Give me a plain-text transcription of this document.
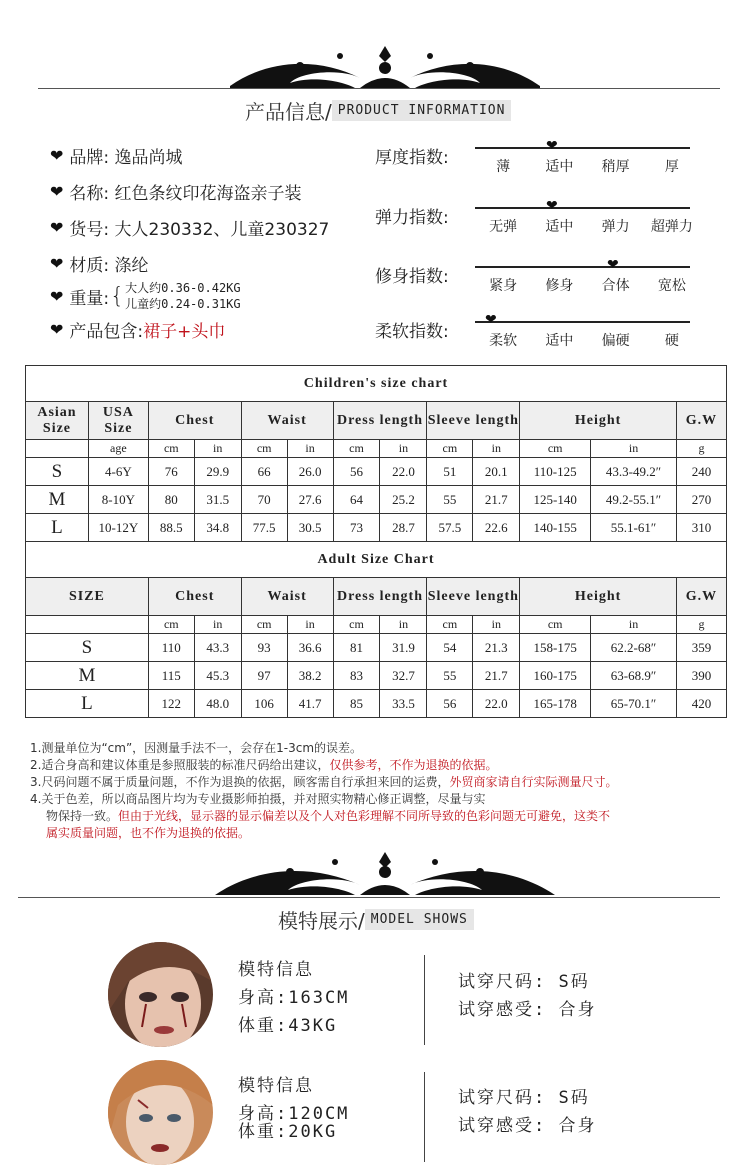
产品信息/ PRODUCT INFORMATION
❤ 品牌: 逸品尚城
❤ 名称: 红色条纹印花海盗亲子装
❤ 货号: 大人230332、儿童230327
❤ 材质: 涤纶
❤ 重量: { 大人约0.36-0.42KG
儿童约0.24-0.31KG
❤ 产品包含: 裙子+头巾
厚度指数:
❤
薄	适中	稍厚	厚
弹力指数:
❤
无弹	适中	弹力	超弹力
修身指数:
❤
紧身	修身	合体	宽松
柔软指数:
❤
柔软	适中	偏硬	硬
Children's size chart												
Asian Size	USA Size	Chest		Waist		Dress length		Sleeve length		Height		G.W
	age	cm	in	cm	in	cm	in	cm	in	cm	in	g
S	4-6Y	76	29.9	66	26.0	56	22.0	51	20.1	110-125	43.3-49.2″	240
M	8-10Y	80	31.5	70	27.6	64	25.2	55	21.7	125-140	49.2-55.1″	270
L	10-12Y	88.5	34.8	77.5	30.5	73	28.7	57.5	22.6	140-155	55.1-61″	310
Adult Size Chart												
SIZE		Chest		Waist		Dress length		Sleeve length		Height		G.W
		cm	in	cm	in	cm	in	cm	in	cm	in	g
S		110	43.3	93	36.6	81	31.9	54	21.3	158-175	62.2-68″	359
M		115	45.3	97	38.2	83	32.7	55	21.7	160-175	63-68.9″	390
L		122	48.0	106	41.7	85	33.5	56	22.0	165-178	65-70.1″	420
1.测量单位为“cm”，因测量手法不一，会存在1-3cm的误差。
2.适合身高和建议体重是参照服装的标准尺码给出建议，仅供参考，不作为退换的依据。
3.尺码问题不属于质量问题，不作为退换的依据，顾客需自行承担来回的运费，外贸商家请自行实际测量尺寸。
4.关于色差，所以商品图片均为专业摄影师拍摄，并对照实物精心修正调整，尽量与实
物保持一致。但由于光线，显示器的显示偏差以及个人对色彩理解不同所导致的色彩问题无可避免，这类不
属实质量问题，也不作为退换的依据。
模特展示/ MODEL SHOWS
模特信息
身高:163CM
体重:43KG
试穿尺码: S码
试穿感受: 合身
模特信息
身高:120CM
体重:20KG
试穿尺码: S码
试穿感受: 合身
